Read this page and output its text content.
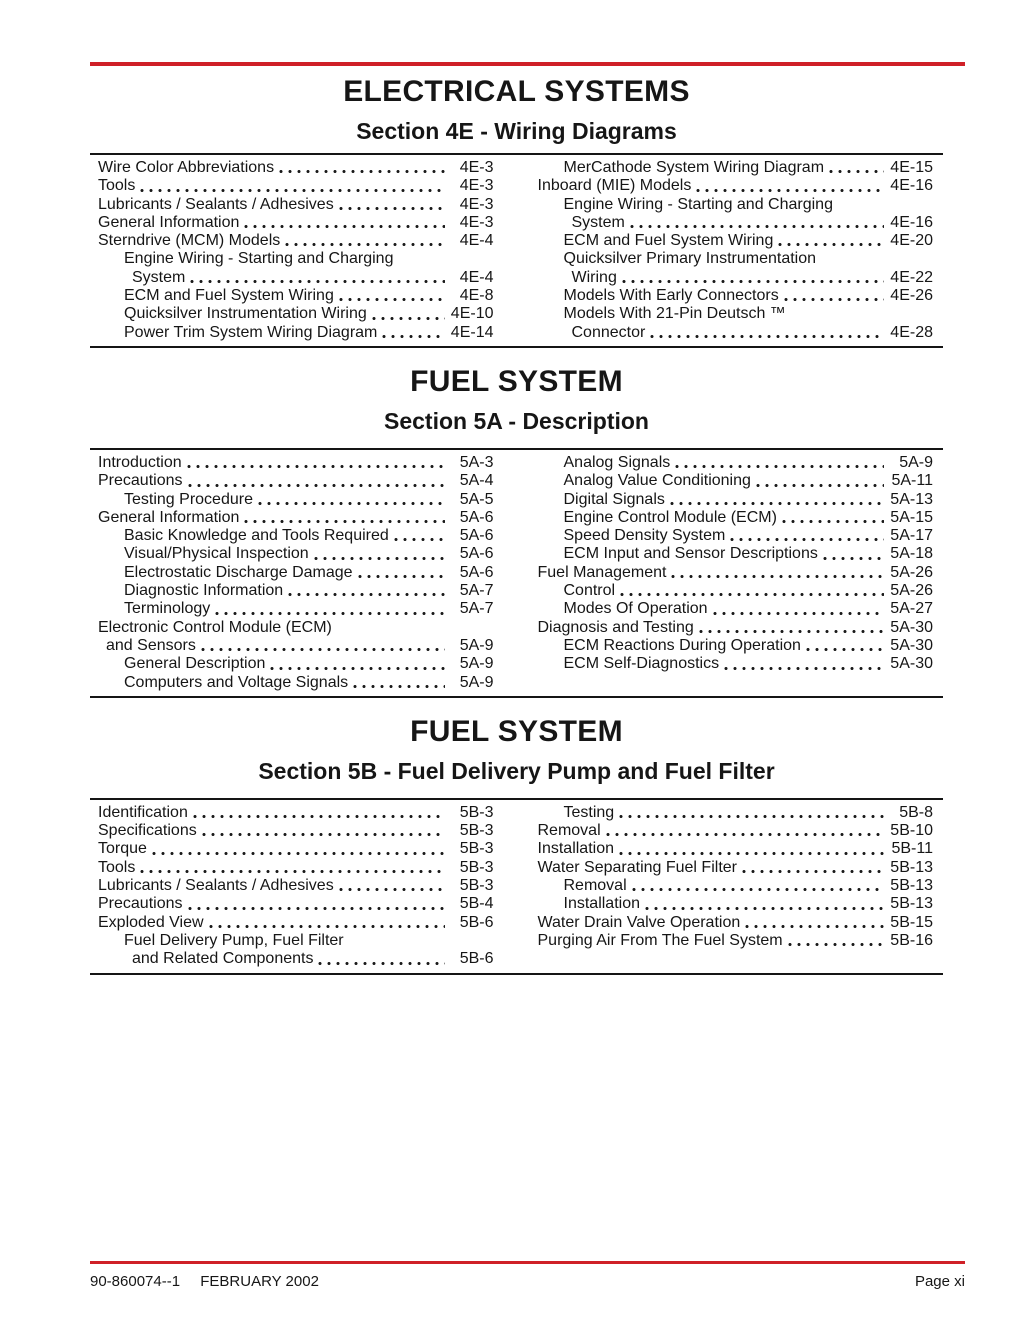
ELECTRICAL SYSTEMS
Section 4E - Wiring Diagrams
Wire Color Abbreviations	4E-3
Tools	4E-3
Lubricants / Sealants / Adhesives	4E-3
General Information	4E-3
Sterndrive (MCM) Models	4E-4
Engine Wiring - Starting and Charging
System	4E-4
ECM and Fuel System Wiring	4E-8
Quicksilver Instrumentation Wiring	4E-10
Power Trim System Wiring Diagram	4E-14
MerCathode System Wiring Diagram	4E-15
Inboard (MIE) Models	4E-16
Engine Wiring - Starting and Charging
System	4E-16
ECM and Fuel System Wiring	4E-20
Quicksilver Primary Instrumentation
Wiring	4E-22
Models With Early Connectors	4E-26
Models With 21-Pin Deutsch ™
Connector	4E-28
FUEL SYSTEM
Section 5A - Description
Introduction	5A-3
Precautions	5A-4
Testing Procedure	5A-5
General Information	5A-6
Basic Knowledge and Tools Required	5A-6
Visual/Physical Inspection	5A-6
Electrostatic Discharge Damage	5A-6
Diagnostic Information	5A-7
Terminology	5A-7
Electronic Control Module (ECM)
and Sensors	5A-9
General Description	5A-9
Computers and Voltage Signals	5A-9
Analog Signals	5A-9
Analog Value Conditioning	5A-11
Digital Signals	5A-13
Engine Control Module (ECM)	5A-15
Speed Density System	5A-17
ECM Input and Sensor Descriptions	5A-18
Fuel Management	5A-26
Control	5A-26
Modes Of Operation	5A-27
Diagnosis and Testing	5A-30
ECM Reactions During Operation	5A-30
ECM Self-Diagnostics	5A-30
FUEL SYSTEM
Section 5B - Fuel Delivery Pump and Fuel Filter
Identification	5B-3
Specifications	5B-3
Torque	5B-3
Tools	5B-3
Lubricants / Sealants / Adhesives	5B-3
Precautions	5B-4
Exploded View	5B-6
Fuel Delivery Pump, Fuel Filter
and Related Components	5B-6
Testing	5B-8
Removal	5B-10
Installation	5B-11
Water Separating Fuel Filter	5B-13
Removal	5B-13
Installation	5B-13
Water Drain Valve Operation	5B-15
Purging Air From The Fuel System	5B-16
90-860074--1 FEBRUARY 2002	Page xi
